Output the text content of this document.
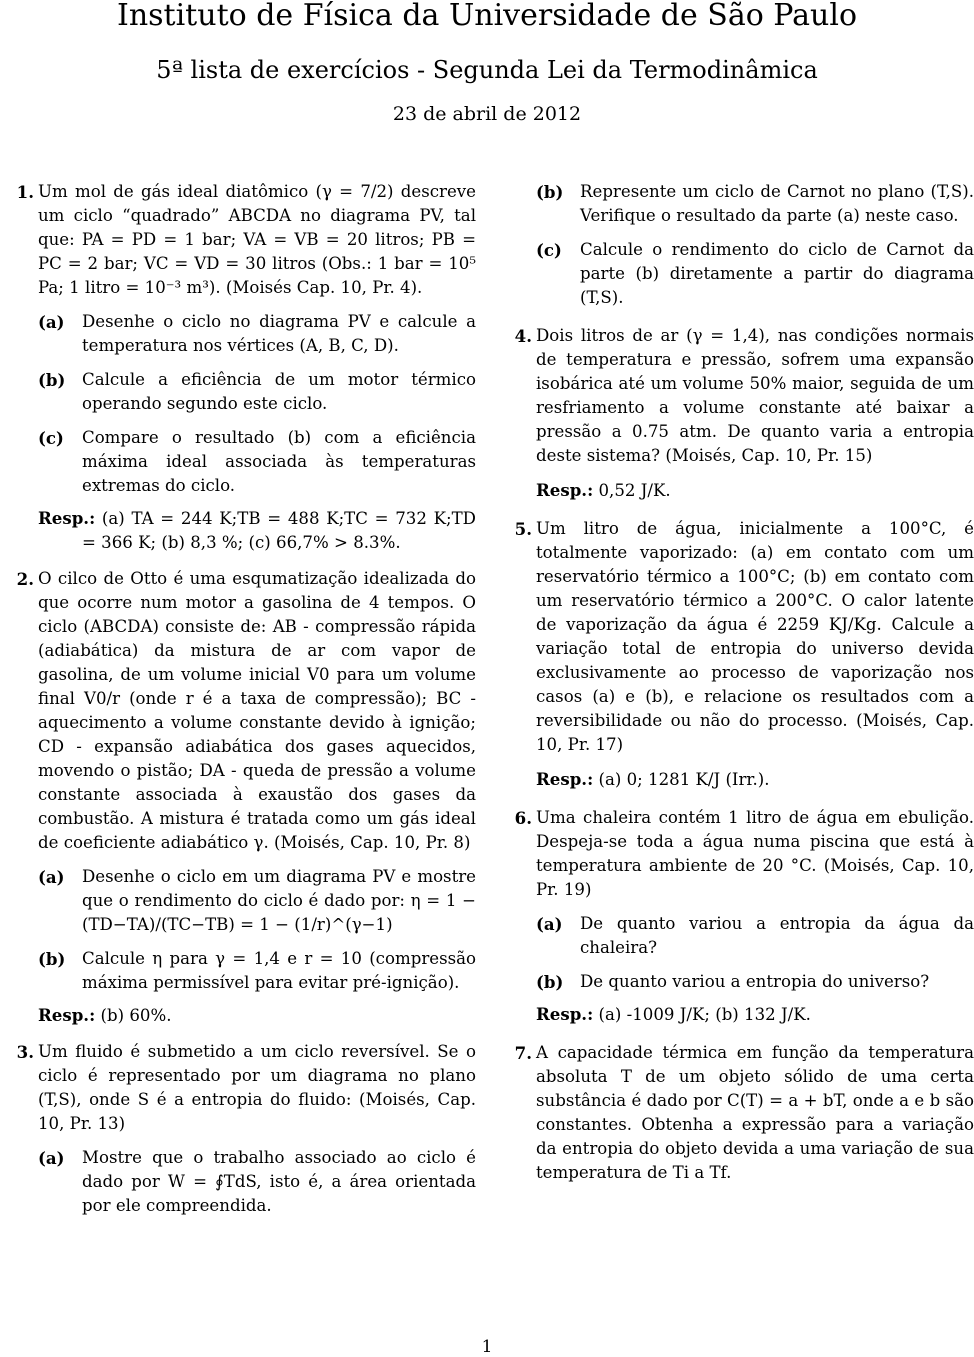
Instituto de Física da Universidade de São Paulo
5ª lista de exercícios - Segunda Lei da Termodinâmica
23 de abril de 2012
1. Um mol de gás ideal diatômico (γ = 7/2) descreve um ciclo “quadrado” ABCDA no diagrama PV, tal que: PA = PD = 1 bar; VA = VB = 20 litros; PB = PC = 2 bar; VC = VD = 30 litros (Obs.: 1 bar = 10⁵ Pa; 1 litro = 10⁻³ m³). (Moisés Cap. 10, Pr. 4).
(a) Desenhe o ciclo no diagrama PV e calcule a temperatura nos vértices (A, B, C, D).
(b) Calcule a eficiência de um motor térmico operando segundo este ciclo.
(c) Compare o resultado (b) com a eficiência máxima ideal associada às temperaturas extremas do ciclo.
Resp.: (a) TA = 244 K;TB = 488 K;TC = 732 K;TD = 366 K; (b) 8,3 %; (c) 66,7% > 8.3%.
2. O cilco de Otto é uma esqumatização idealizada do que ocorre num motor a gasolina de 4 tempos. O ciclo (ABCDA) consiste de: AB - compressão rápida (adiabática) da mistura de ar com vapor de gasolina, de um volume inicial V0 para um volume final V0/r (onde r é a taxa de compressão); BC - aquecimento a volume constante devido à ignição; CD - expansão adiabática dos gases aquecidos, movendo o pistão; DA - queda de pressão a volume constante associada à exaustão dos gases da combustão. A mistura é tratada como um gás ideal de coeficiente adiabático γ. (Moisés, Cap. 10, Pr. 8)
(a) Desenhe o ciclo em um diagrama PV e mostre que o rendimento do ciclo é dado por: η = 1 − (TD−TA)/(TC−TB) = 1 − (1/r)^(γ−1)
(b) Calcule η para γ = 1,4 e r = 10 (compressão máxima permissível para evitar pré-ignição).
Resp.: (b) 60%.
3. Um fluido é submetido a um ciclo reversível. Se o ciclo é representado por um diagrama no plano (T,S), onde S é a entropia do fluido: (Moisés, Cap. 10, Pr. 13)
(a) Mostre que o trabalho associado ao ciclo é dado por W = ∮TdS, isto é, a área orientada por ele compreendida.
(b) Represente um ciclo de Carnot no plano (T,S). Verifique o resultado da parte (a) neste caso.
(c) Calcule o rendimento do ciclo de Carnot da parte (b) diretamente a partir do diagrama (T,S).
4. Dois litros de ar (γ = 1,4), nas condições normais de temperatura e pressão, sofrem uma expansão isobárica até um volume 50% maior, seguida de um resfriamento a volume constante até baixar a pressão a 0.75 atm. De quanto varia a entropia deste sistema? (Moisés, Cap. 10, Pr. 15)
Resp.: 0,52 J/K.
5. Um litro de água, inicialmente a 100°C, é totalmente vaporizado: (a) em contato com um reservatório térmico a 100°C; (b) em contato com um reservatório térmico a 200°C. O calor latente de vaporização da água é 2259 KJ/Kg. Calcule a variação total de entropia do universo devida exclusivamente ao processo de vaporização nos casos (a) e (b), e relacione os resultados com a reversibilidade ou não do processo. (Moisés, Cap. 10, Pr. 17)
Resp.: (a) 0; 1281 K/J (Irr.).
6. Uma chaleira contém 1 litro de água em ebulição. Despeja-se toda a água numa piscina que está à temperatura ambiente de 20 °C. (Moisés, Cap. 10, Pr. 19)
(a) De quanto variou a entropia da água da chaleira?
(b) De quanto variou a entropia do universo?
Resp.: (a) -1009 J/K; (b) 132 J/K.
7. A capacidade térmica em função da temperatura absoluta T de um objeto sólido de uma certa substância é dado por C(T) = a + bT, onde a e b são constantes. Obtenha a expressão para a variação da entropia do objeto devida a uma variação de sua temperatura de Ti a Tf.
1
